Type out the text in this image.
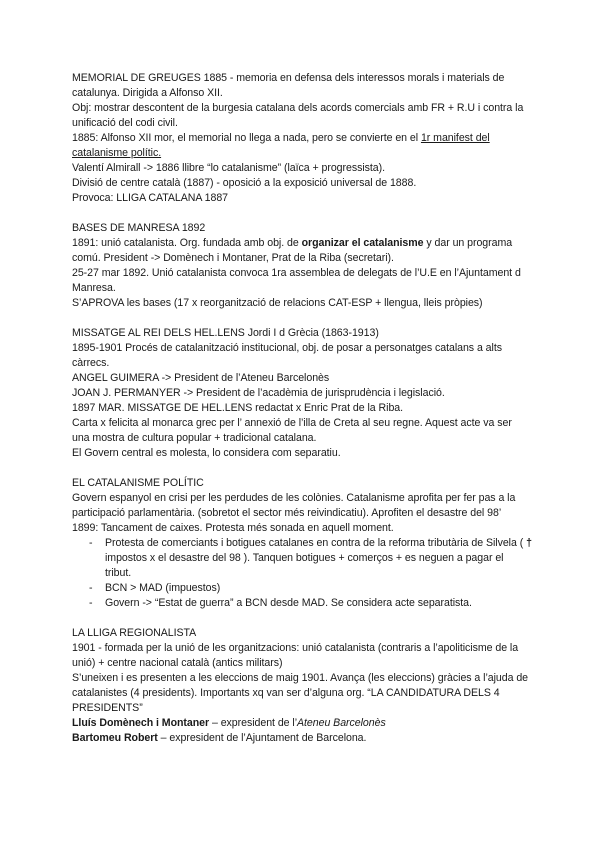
MEMORIAL DE GREUGES 1885 - memoria en defensa dels interessos morals i materials de catalunya. Dirigida a Alfonso XII.

Obj: mostrar descontent de la burgesia catalana dels acords comercials amb FR + R.U i contra la unificació del codi civil.

1885: Alfonso XII mor, el memorial no llega a nada, pero se convierte en el 1r manifest del catalanisme polític.

Valentí Almirall -> 1886 llibre “lo catalanisme” (laïca + progressista).

Divisió de centre català (1887) - oposició a la exposició universal de 1888.

Provoca: LLIGA CATALANA 1887

BASES DE MANRESA 1892

1891: unió catalanista. Org. fundada amb obj. de organizar el catalanisme y dar un programa comú. President -> Domènech i Montaner, Prat de la Riba (secretari).

25-27 mar 1892. Unió catalanista convoca 1ra assemblea de delegats de l’U.E en l’Ajuntament d Manresa.

S’APROVA les bases (17 x reorganització de relacions CAT-ESP + llengua, lleis pròpies)

MISSATGE AL REI DELS HEL.LENS Jordi I d Grècia (1863-1913)

1895-1901 Procés de catalanització institucional, obj. de posar a personatges catalans a alts càrrecs.

ANGEL GUIMERA -> President de l’Ateneu Barcelonès

JOAN J. PERMANYER -> President de l’acadèmia de jurisprudència i legislació.

1897 MAR. MISSATGE DE HEL.LENS redactat x Enric Prat de la Riba.

Carta x felicita al monarca grec per l’ annexió de l’illa de Creta al seu regne. Aquest acte va ser una mostra de cultura popular + tradicional catalana.

El Govern central es molesta, lo considera com separatiu.

EL CATALANISME POLÍTIC

Govern espanyol en crisi per les perdudes de les colònies. Catalanisme aprofita per fer pas a la participació parlamentària. (sobretot el sector més reivindicatiu). Aprofiten el desastre del 98’

1899: Tancament de caixes. Protesta més sonada en aquell moment.

- Protesta de comerciants i botigues catalanes en contra de la reforma tributària de Silvela ( † impostos x el desastre del 98 ). Tanquen botigues + comerços + es neguen a pagar el tribut.
- BCN > MAD (impuestos)
- Govern -> “Estat de guerra” a BCN desde MAD. Se considera acte separatista.

LA LLIGA REGIONALISTA

1901 - formada per la unió de les organitzacions: unió catalanista (contraris a l’apoliticisme de la unió) + centre nacional català (antics militars)

S’uneixen i es presenten a les eleccions de maig 1901. Avança (les eleccions) gràcies a l’ajuda de catalanistes (4 presidents). Importants xq van ser d’alguna org. “LA CANDIDATURA DELS 4 PRESIDENTS”

Lluís Domènech i Montaner – expresident de l’Ateneu Barcelonès

Bartomeu Robert – expresident de l’Ajuntament de Barcelona.
